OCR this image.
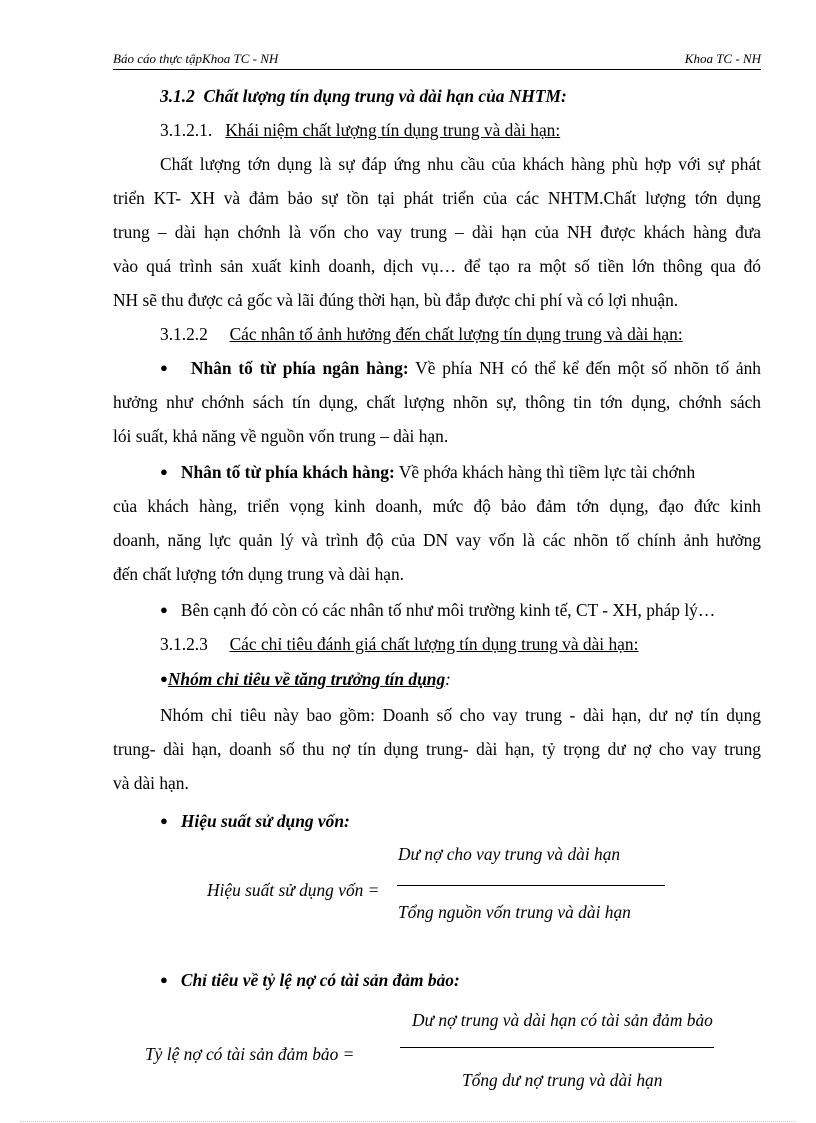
Báo cáo thực tậpKhoa TC - NH	Khoa TC - NH
3.1.2 Chất lượng tín dụng trung và dài hạn của NHTM:
3.1.2.1. Khái niệm chất lượng tín dụng trung và dài hạn:
Chất lượng tớn dụng là sự đáp ứng nhu cầu của khách hàng phù hợp với sự phát
triển KT- XH và đảm bảo sự tồn tại phát triển của các NHTM.Chất lượng tớn dụng
trung – dài hạn chớnh là vốn cho vay trung – dài hạn của NH được khách hàng đưa
vào quá trình sản xuất kinh doanh, dịch vụ… để tạo ra một số tiền lớn thông qua đó
NH sẽ thu được cả gốc và lãi đúng thời hạn, bù đắp được chi phí và có lợi nhuận.
3.1.2.2 Các nhân tố ảnh hưởng đến chất lượng tín dụng trung và dài hạn:
● Nhân tố từ phía ngân hàng: Về phía NH có thể kể đến một số nhõn tố ảnh
hưởng như chớnh sách tín dụng, chất lượng nhõn sự, thông tin tớn dụng, chớnh sách
lói suất, khả năng về nguồn vốn trung – dài hạn.
● Nhân tố từ phía khách hàng: Về phớa khách hàng thì tiềm lực tài chớnh
của khách hàng, triển vọng kinh doanh, mức độ bảo đảm tớn dụng, đạo đức kinh
doanh, năng lực quản lý và trình độ của DN vay vốn là các nhõn tố chính ảnh hưởng
đến chất lượng tớn dụng trung và dài hạn.
● Bên cạnh đó còn có các nhân tố như môi trường kinh tế, CT - XH, pháp lý…
3.1.2.3 Các chỉ tiêu đánh giá chất lượng tín dụng trung và dài hạn:
●Nhóm chỉ tiêu về tăng trưởng tín dụng:
Nhóm chỉ tiêu này bao gồm: Doanh số cho vay trung - dài hạn, dư nợ tín dụng
trung- dài hạn, doanh số thu nợ tín dụng trung- dài hạn, tỷ trọng dư nợ cho vay trung
và dài hạn.
● Hiệu suất sử dụng vốn:
Dư nợ cho vay trung và dài hạn
Hiệu suất sử dụng vốn =
Tổng nguồn vốn trung và dài hạn
● Chỉ tiêu về tỷ lệ nợ có tài sản đảm bảo:
Dư nợ trung và dài hạn có tài sản đảm bảo
Tỷ lệ nợ có tài sản đảm bảo =
Tổng dư nợ trung và dài hạn
